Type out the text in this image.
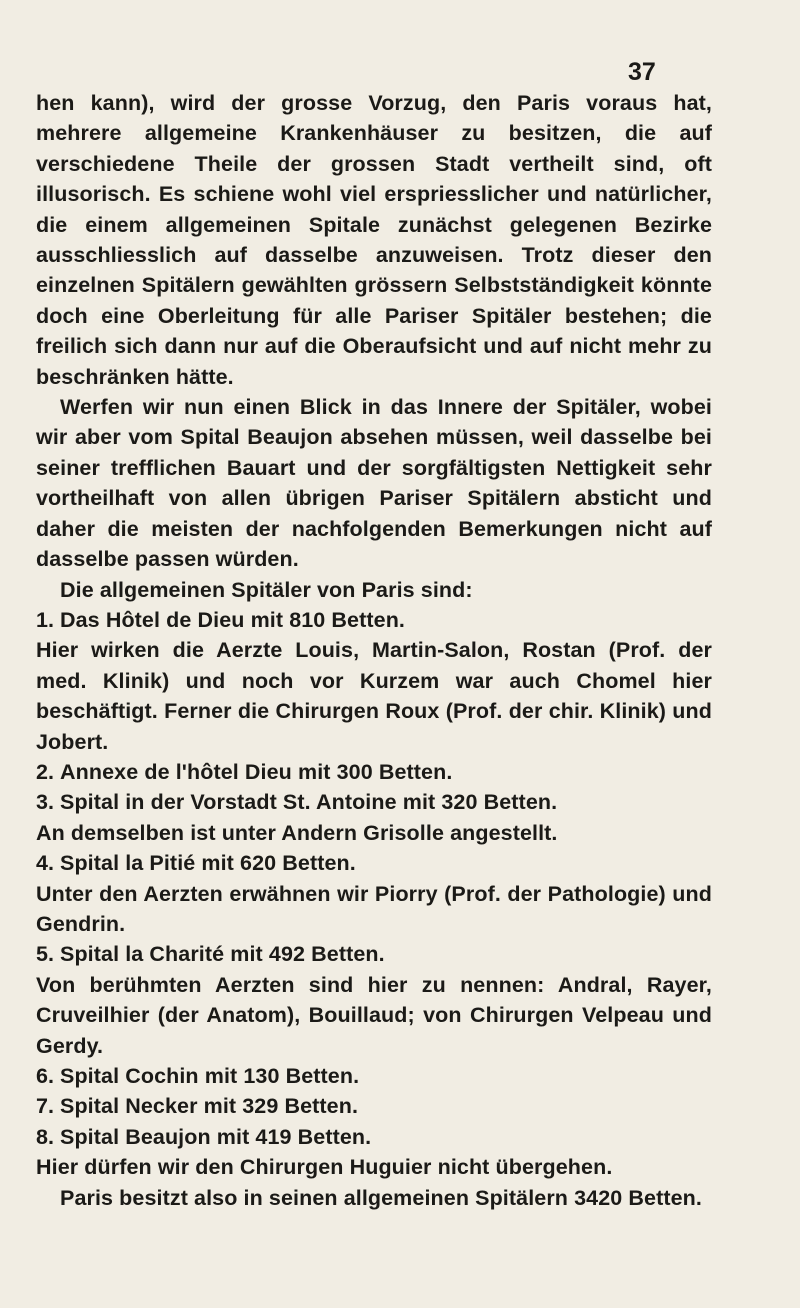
37

hen kann), wird der grosse Vorzug, den Paris voraus hat, mehrere allgemeine Krankenhäuser zu besitzen, die auf verschiedene Theile der grossen Stadt vertheilt sind, oft illusorisch. Es schiene wohl viel erspriesslicher und natürlicher, die einem allgemeinen Spitale zunächst gelegenen Bezirke ausschliesslich auf dasselbe anzuweisen. Trotz dieser den einzelnen Spitälern gewählten grössern Selbstständigkeit könnte doch eine Oberleitung für alle Pariser Spitäler bestehen; die freilich sich dann nur auf die Oberaufsicht und auf nicht mehr zu beschränken hätte.

Werfen wir nun einen Blick in das Innere der Spitäler, wobei wir aber vom Spital Beaujon absehen müssen, weil dasselbe bei seiner trefflichen Bauart und der sorgfältigsten Nettigkeit sehr vortheilhaft von allen übrigen Pariser Spitälern absticht und daher die meisten der nachfolgenden Bemerkungen nicht auf dasselbe passen würden.

Die allgemeinen Spitäler von Paris sind:

1. Das Hôtel de Dieu mit 810 Betten.

Hier wirken die Aerzte Louis, Martin-Salon, Rostan (Prof. der med. Klinik) und noch vor Kurzem war auch Chomel hier beschäftigt. Ferner die Chirurgen Roux (Prof. der chir. Klinik) und Jobert.

2. Annexe de l'hôtel Dieu mit 300 Betten.
3. Spital in der Vorstadt St. Antoine mit 320 Betten.

An demselben ist unter Andern Grisolle angestellt.

4. Spital la Pitié mit 620 Betten.

Unter den Aerzten erwähnen wir Piorry (Prof. der Pathologie) und Gendrin.

5. Spital la Charité mit 492 Betten.

Von berühmten Aerzten sind hier zu nennen: Andral, Rayer, Cruveilhier (der Anatom), Bouillaud; von Chirurgen Velpeau und Gerdy.

6. Spital Cochin mit 130 Betten.
7. Spital Necker mit 329 Betten.
8. Spital Beaujon mit 419 Betten.

Hier dürfen wir den Chirurgen Huguier nicht übergehen.

Paris besitzt also in seinen allgemeinen Spitälern 3420 Betten.
